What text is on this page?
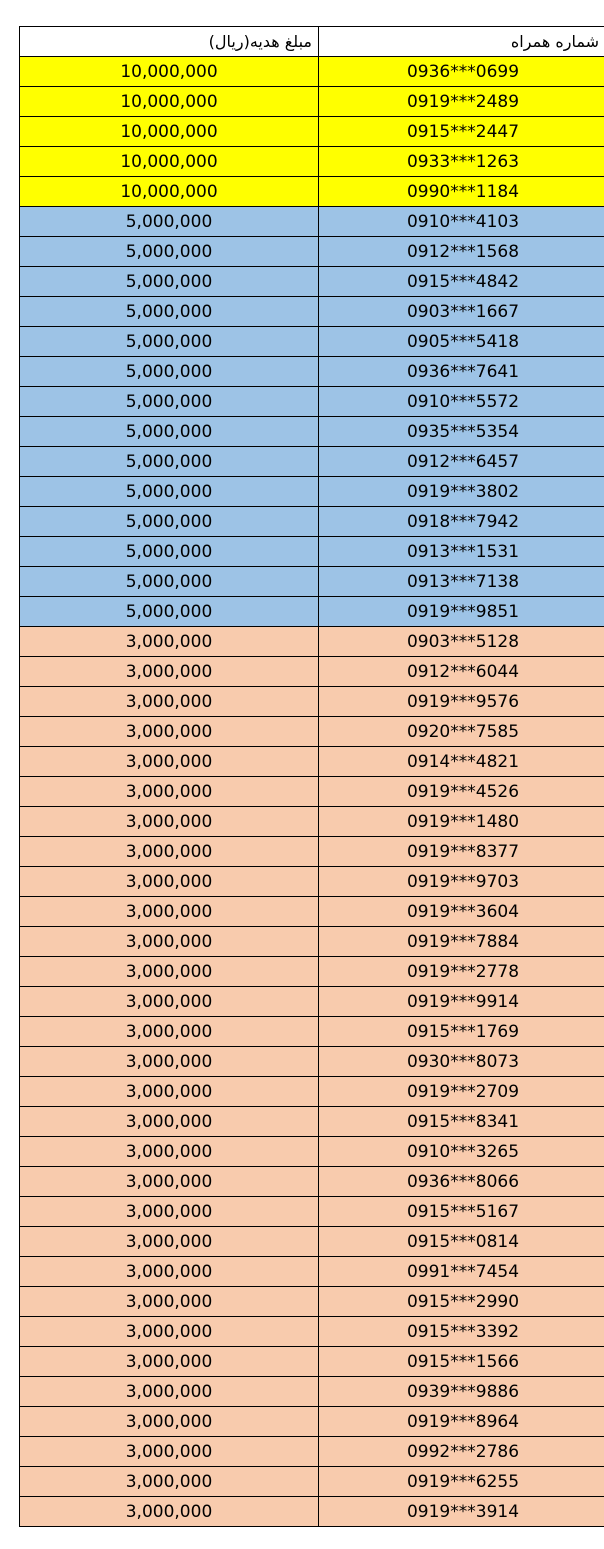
مبلغ هدیه(ریال)	شماره همراه
10,000,000	0936***0699
10,000,000	0919***2489
10,000,000	0915***2447
10,000,000	0933***1263
10,000,000	0990***1184
5,000,000	0910***4103
5,000,000	0912***1568
5,000,000	0915***4842
5,000,000	0903***1667
5,000,000	0905***5418
5,000,000	0936***7641
5,000,000	0910***5572
5,000,000	0935***5354
5,000,000	0912***6457
5,000,000	0919***3802
5,000,000	0918***7942
5,000,000	0913***1531
5,000,000	0913***7138
5,000,000	0919***9851
3,000,000	0903***5128
3,000,000	0912***6044
3,000,000	0919***9576
3,000,000	0920***7585
3,000,000	0914***4821
3,000,000	0919***4526
3,000,000	0919***1480
3,000,000	0919***8377
3,000,000	0919***9703
3,000,000	0919***3604
3,000,000	0919***7884
3,000,000	0919***2778
3,000,000	0919***9914
3,000,000	0915***1769
3,000,000	0930***8073
3,000,000	0919***2709
3,000,000	0915***8341
3,000,000	0910***3265
3,000,000	0936***8066
3,000,000	0915***5167
3,000,000	0915***0814
3,000,000	0991***7454
3,000,000	0915***2990
3,000,000	0915***3392
3,000,000	0915***1566
3,000,000	0939***9886
3,000,000	0919***8964
3,000,000	0992***2786
3,000,000	0919***6255
3,000,000	0919***3914
